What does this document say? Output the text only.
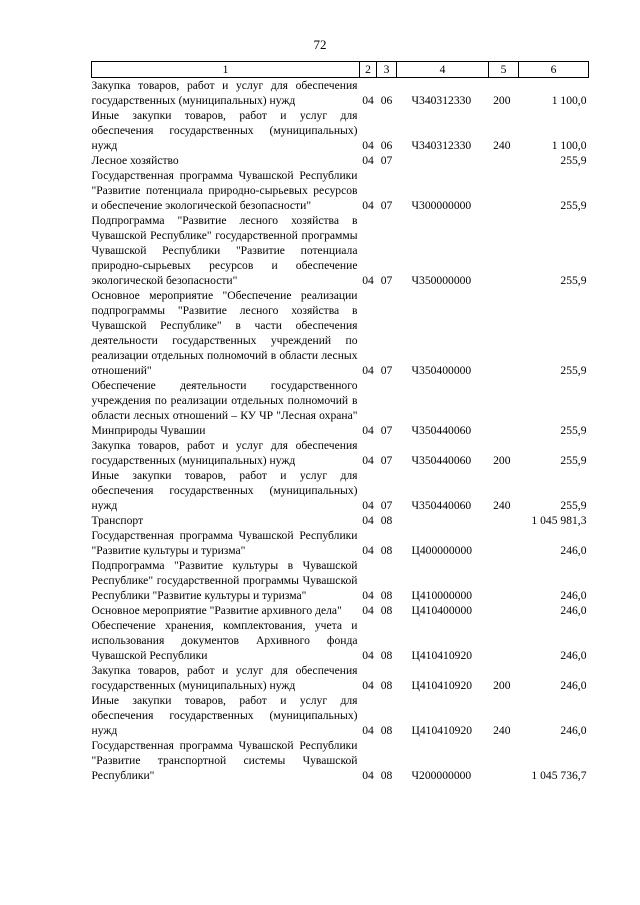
72
1	2	3	4	5	6
Закупка товаров, работ и услуг для обеспечения государственных (муниципальных) нужд	04	06	Ч340312330	200	1 100,0
Иные закупки товаров, работ и услуг для обеспечения государственных (муниципальных) нужд	04	06	Ч340312330	240	1 100,0
Лесное хозяйство	04	07			255,9
Государственная программа Чувашской Республики "Развитие потенциала природно-сырьевых ресурсов и обеспечение экологической безопасности"	04	07	Ч300000000		255,9
Подпрограмма "Развитие лесного хозяйства в Чувашской Республике" государственной программы Чувашской Республики "Развитие потенциала природно-сырьевых ресурсов и обеспечение экологической безопасности"	04	07	Ч350000000		255,9
Основное мероприятие "Обеспечение реализации подпрограммы "Развитие лесного хозяйства в Чувашской Республике" в части обеспечения деятельности государственных учреждений по реализации отдельных полномочий в области лесных отношений"	04	07	Ч350400000		255,9
Обеспечение деятельности государственного учреждения по реализации отдельных полномочий в области лесных отношений – КУ ЧР "Лесная охрана" Минприроды Чувашии	04	07	Ч350440060		255,9
Закупка товаров, работ и услуг для обеспечения государственных (муниципальных) нужд	04	07	Ч350440060	200	255,9
Иные закупки товаров, работ и услуг для обеспечения государственных (муниципальных) нужд	04	07	Ч350440060	240	255,9
Транспорт	04	08			1 045 981,3
Государственная программа Чувашской Республики "Развитие культуры и туризма"	04	08	Ц400000000		246,0
Подпрограмма "Развитие культуры в Чувашской Республике" государственной программы Чувашской Республики "Развитие культуры и туризма"	04	08	Ц410000000		246,0
Основное мероприятие "Развитие архивного дела"	04	08	Ц410400000		246,0
Обеспечение хранения, комплектования, учета и использования документов Архивного фонда Чувашской Республики	04	08	Ц410410920		246,0
Закупка товаров, работ и услуг для обеспечения государственных (муниципальных) нужд	04	08	Ц410410920	200	246,0
Иные закупки товаров, работ и услуг для обеспечения государственных (муниципальных) нужд	04	08	Ц410410920	240	246,0
Государственная программа Чувашской Республики "Развитие транспортной системы Чувашской Республики"	04	08	Ч200000000		1 045 736,7
